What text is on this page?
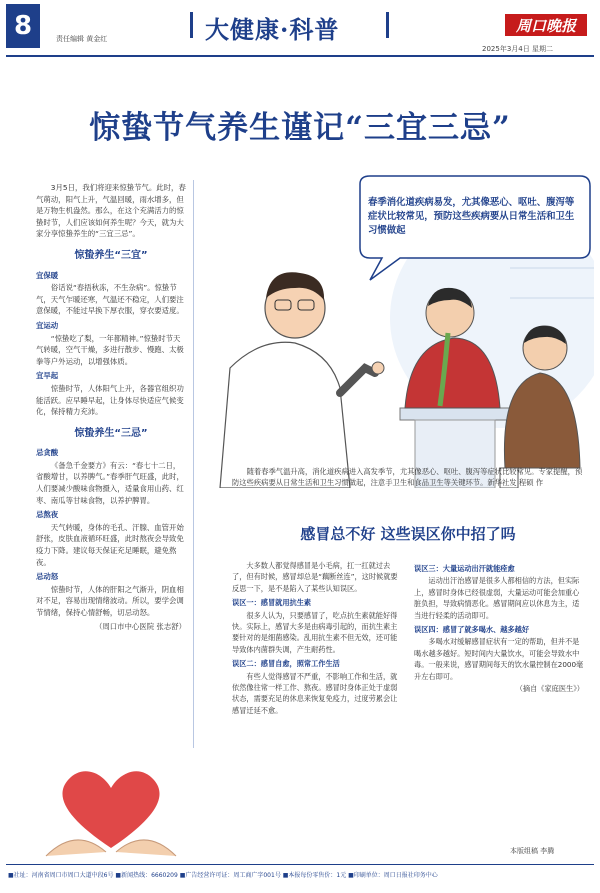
8	责任编辑 黄金红	大健康·科普	周口晚报
2025年3月4日 星期二
惊蛰节气养生谨记“三宜三忌”

3月5日，我们将迎来惊蛰节气。此时，春气萌动，阳气上升，气温回暖，雨水增多，但是万物生机盎然。那么，在这个充满活力的惊蛰时节，人们应该如何养生呢？今天，就为大家分享惊蛰养生的“三宜三忌”。

惊蛰养生“三宜”
宜保暖

俗话说“春捂秋冻，不生杂病”。惊蛰节气，天气乍暖还寒，气温还不稳定，人们要注意保暖，不能过早换下厚衣服，穿衣要适度。

宜运动

“惊蛰吃了梨，一年都精神。”惊蛰时节天气转暖，空气干燥，多进行散步、慢跑、太极拳等户外运动，以增强体质。

宜早起

惊蛰时节，人体阳气上升，各器官组织功能活跃。应早睡早起，让身体尽快适应气候变化，保持精力充沛。

惊蛰养生“三忌”
忌贪酸

《备急千金要方》有云：“春七十二日，省酸增甘，以养脾气。”春季肝气旺盛，此时，人们要减少酸味食物摄入，适量食用山药、红枣、南瓜等甘味食物，以养护脾胃。

忌熬夜

天气转暖，身体的毛孔、汗腺、血管开始舒张，皮肤血液循环旺盛，此时熬夜会导致免疫力下降。建议每天保证充足睡眠，避免熬夜。

忌动怒

惊蛰时节，人体的肝阳之气渐升，阴血相对不足，容易出现情绪波动。所以，要学会调节情绪，保持心情舒畅，切忌动怒。

（周口市中心医院 张志舒）

春季消化道疾病易发，尤其像恶心、呕吐、腹泻等症状比较常见，预防这些疾病要从日常生活和卫生习惯做起

随着春季气温升高，消化道疾病进入高发季节，尤其像恶心、呕吐、腹泻等症状比较常见。专家提醒，预防这些疾病要从日常生活和卫生习惯做起，注意手卫生和食品卫生等关键环节。新华社发 程硕 作

感冒总不好 这些误区你中招了吗

大多数人都觉得感冒是小毛病，扛一扛就过去了，但有时候，感冒却总是“藕断丝连”，这时候就要反思一下，是不是陷入了某些认知误区。

误区一：感冒就用抗生素

很多人认为，只要感冒了，吃点抗生素就能好得快。实际上，感冒大多是由病毒引起的，而抗生素主要针对的是细菌感染。乱用抗生素不但无效，还可能导致体内菌群失调，产生耐药性。

误区二：感冒自愈，照常工作生活

有些人觉得感冒不严重，不影响工作和生活，就依然像往常一样工作、熬夜。感冒时身体正处于虚弱状态，需要充足的休息来恢复免疫力，过度劳累会让感冒迁延不愈。

误区三：大量运动出汗就能痊愈

运动出汗治感冒是很多人都相信的方法，但实际上，感冒时身体已经很虚弱，大量运动可能会加重心脏负担，导致病情恶化。感冒期间应以休息为主，适当进行轻柔的活动即可。

误区四：感冒了就多喝水、越多越好

多喝水对缓解感冒症状有一定的帮助，但并不是喝水越多越好。短时间内大量饮水，可能会导致水中毒。一般来说，感冒期间每天的饮水量控制在2000毫升左右即可。

（摘自《家庭医生》）

本版组稿 李腾
■社址：河南省周口市周口大道中段6号 ■新闻热线：6660209 ■广告经营许可证：周工商广字001号 ■本报每份零售价：1元 ■印刷单位：周口日报社印务中心
